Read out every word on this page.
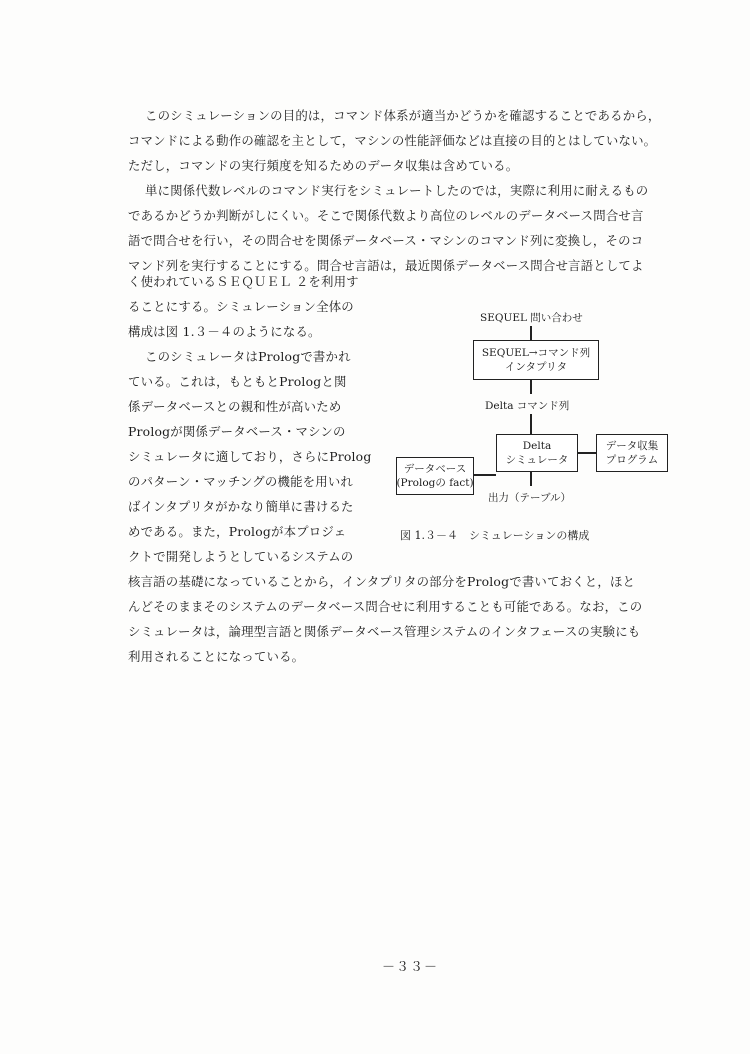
このシミュレーションの目的は，コマンド体系が適当かどうかを確認することであるから，
コマンドによる動作の確認を主として，マシンの性能評価などは直接の目的とはしていない。
ただし，コマンドの実行頻度を知るためのデータ収集は含めている。
単に関係代数レベルのコマンド実行をシミュレートしたのでは，実際に利用に耐えるもの
であるかどうか判断がしにくい。そこで関係代数より高位のレベルのデータベース問合せ言
語で問合せを行い，その問合せを関係データベース・マシンのコマンド列に変換し，そのコ
マンド列を実行することにする。問合せ言語は，最近関係データベース問合せ言語としてよ
く使われているＳＥＱＵＥＬ ２を利用す
ることにする。シミュレーション全体の
構成は図 1.３－４のようになる。
このシミュレータはPrologで書かれ
ている。これは，もともとPrologと関
係データベースとの親和性が高いため
Prologが関係データベース・マシンの
シミュレータに適しており，さらにProlog
のパターン・マッチングの機能を用いれ
ばインタプリタがかなり簡単に書けるた
めである。また，Prologが本プロジェ
クトで開発しようとしているシステムの
核言語の基礎になっていることから，インタプリタの部分をPrologで書いておくと，ほと
んどそのままそのシステムのデータベース問合せに利用することも可能である。なお，この
シミュレータは，論理型言語と関係データベース管理システムのインタフェースの実験にも
利用されることになっている。
SEQUEL 問い合わせ
SEQUEL→コマンド列
インタプリタ
Delta コマンド列
データベース
(Prologの fact)
Delta
シミュレータ
データ収集
プログラム
出力（テーブル）
図 1.３－４　シミュレーションの構成
－３３－
